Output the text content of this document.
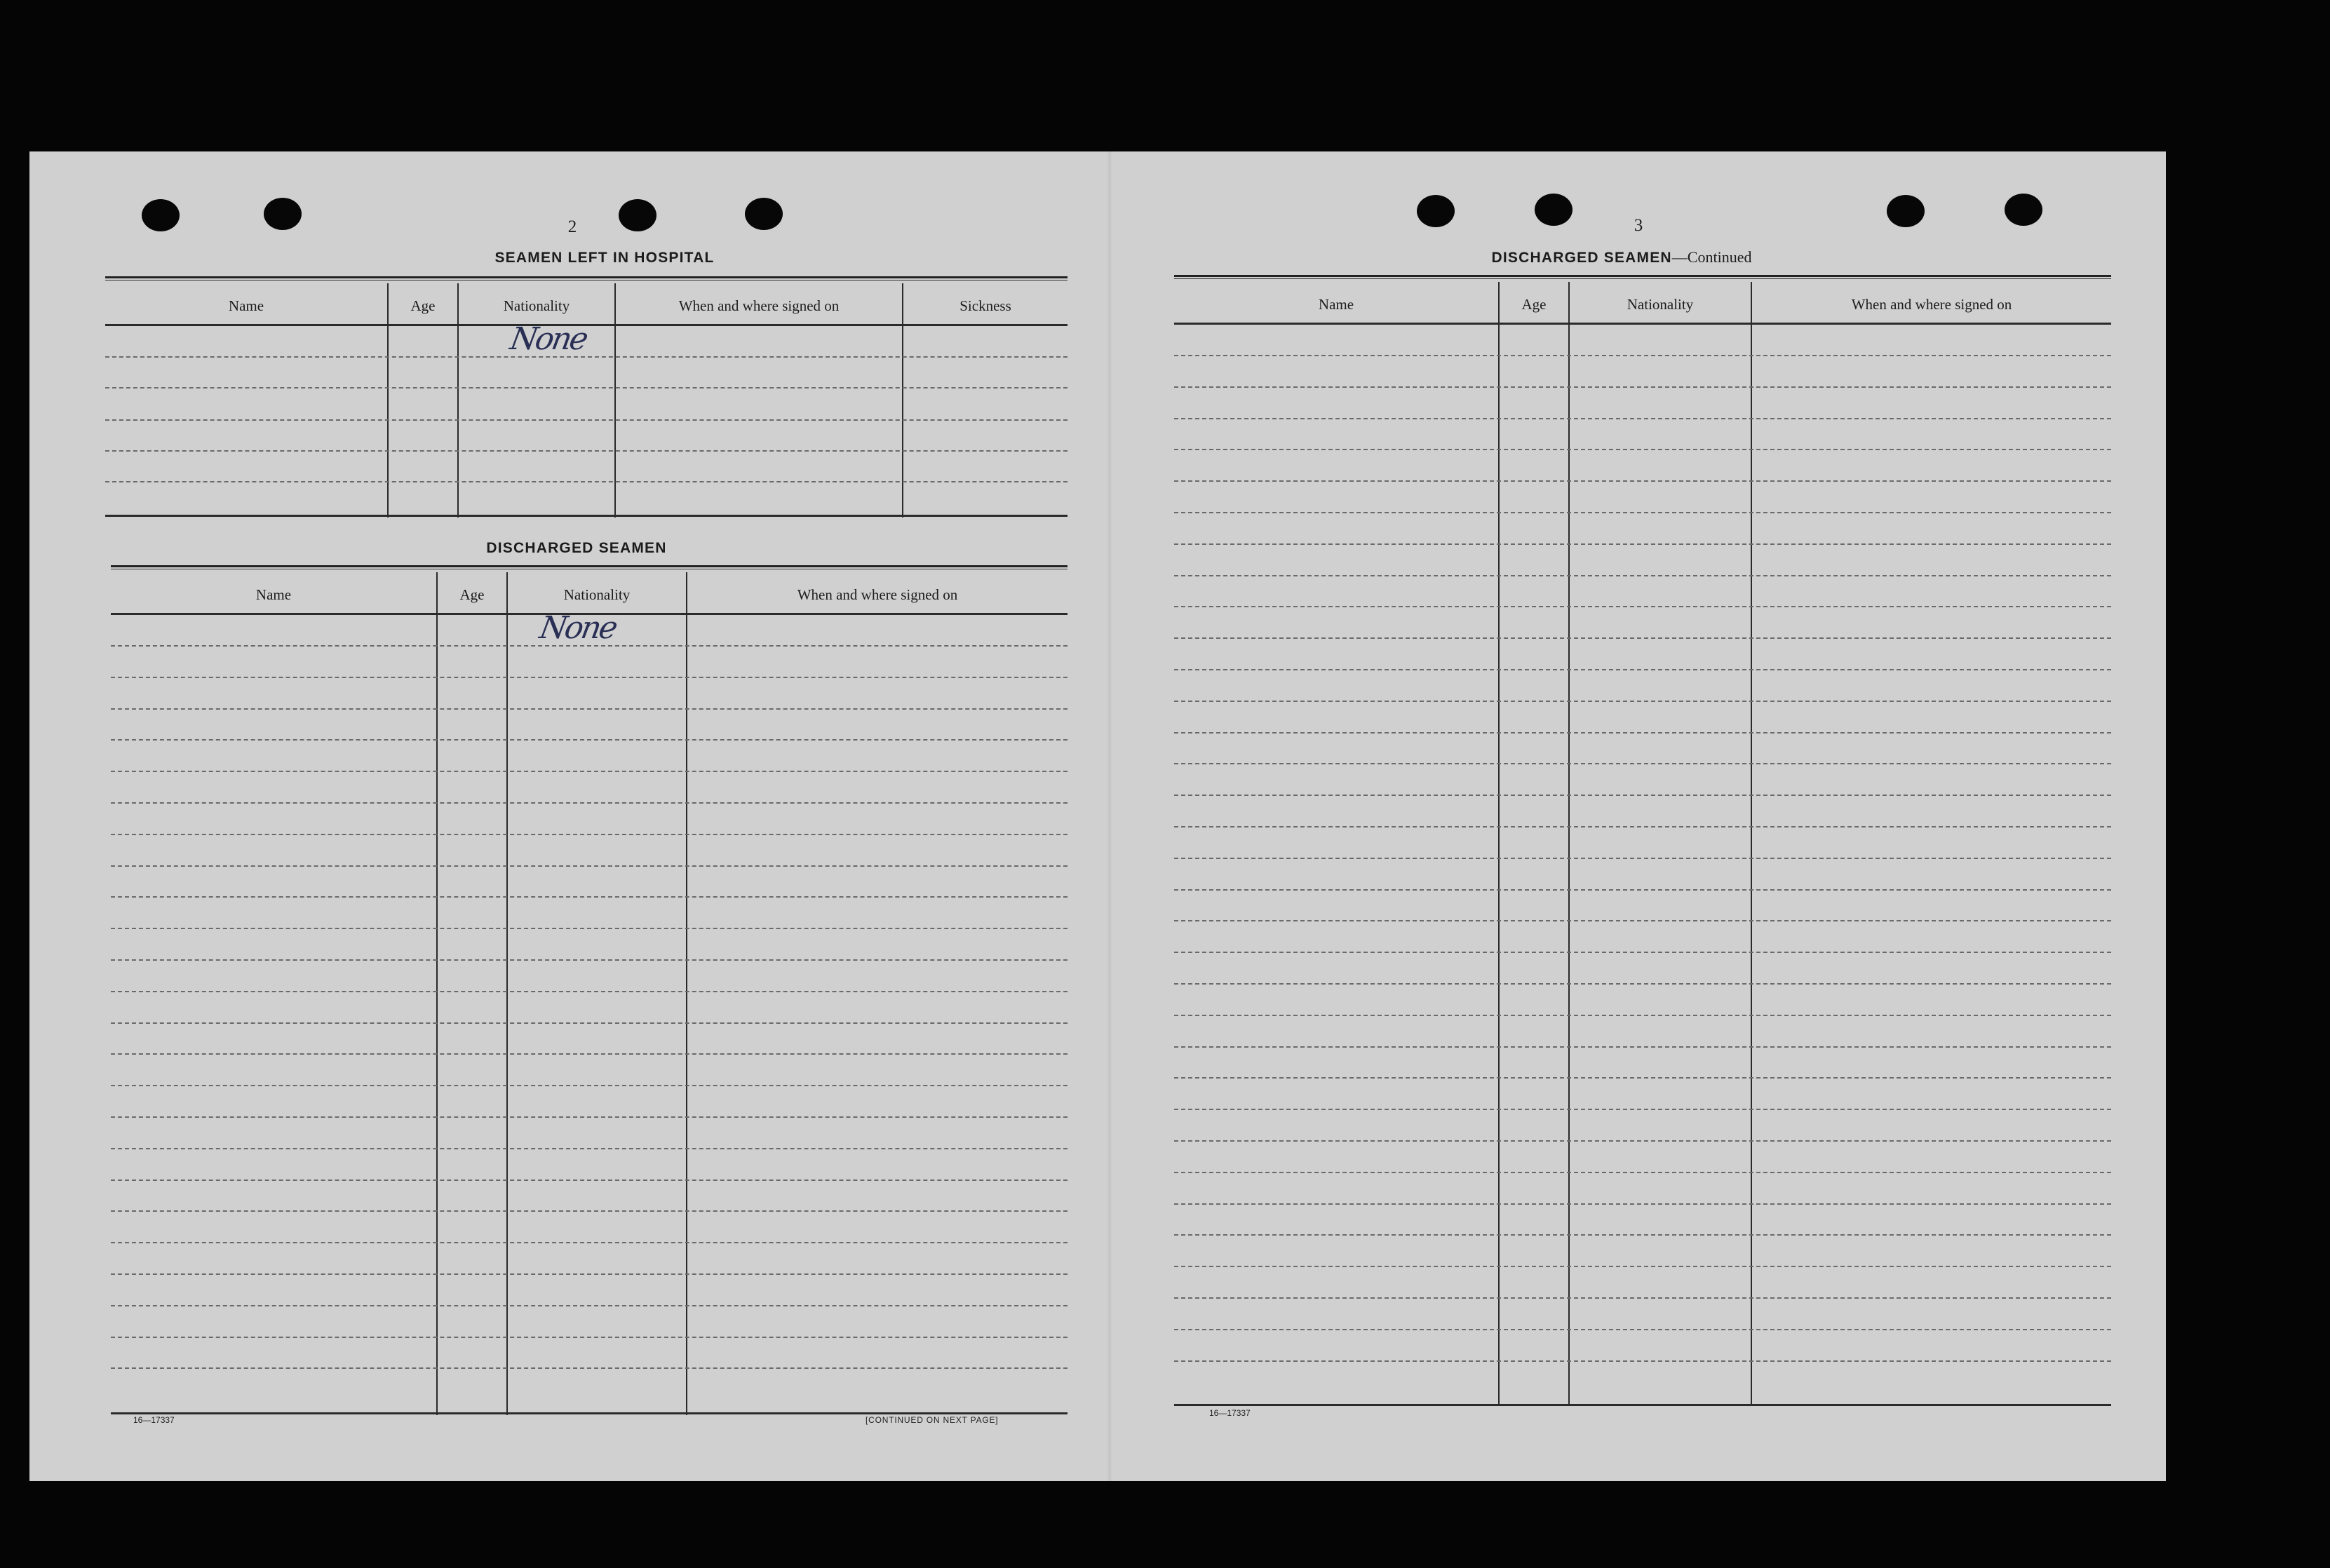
2
SEAMEN LEFT IN HOSPITAL
Name	Age	Nationality	When and where signed on	Sickness
None
DISCHARGED SEAMEN
Name	Age	Nationality	When and where signed on
None
16—17337	[CONTINUED ON NEXT PAGE]
3
DISCHARGED SEAMEN—Continued
Name	Age	Nationality	When and where signed on
16—17337
